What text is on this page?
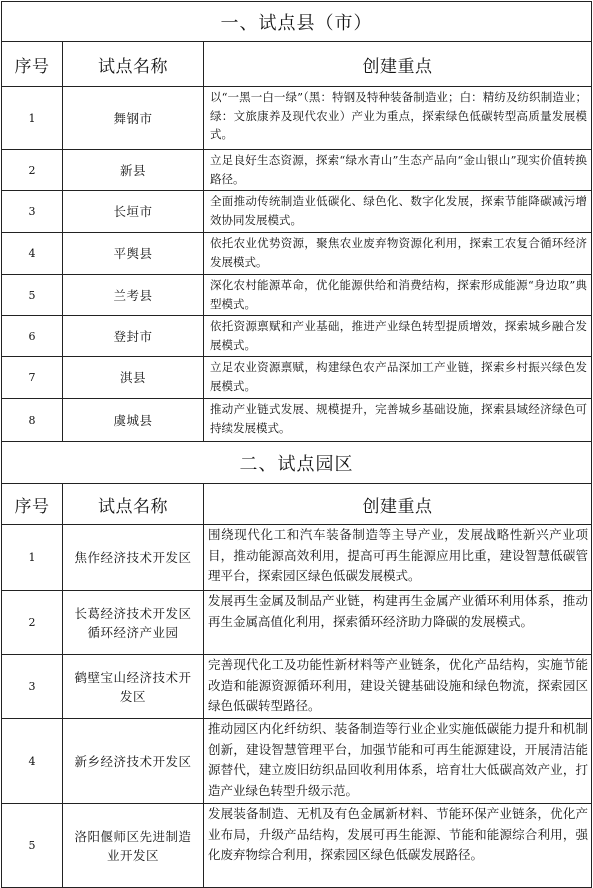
一、试点县（市）		
序号	试点名称	创建重点
1	舞钢市	以“一黑一白一绿”（黑：特钢及特种装备制造业；白：精纺及纺织制造业；绿：文旅康养及现代农业）产业为重点，探索绿色低碳转型高质量发展模式。
2	新县	立足良好生态资源，探索“绿水青山”生态产品向“金山银山”现实价值转换路径。
3	长垣市	全面推动传统制造业低碳化、绿色化、数字化发展，探索节能降碳减污增效协同发展模式。
4	平舆县	依托农业优势资源，聚焦农业废弃物资源化利用，探索工农复合循环经济发展模式。
5	兰考县	深化农村能源革命，优化能源供给和消费结构，探索形成能源“身边取”典型模式。
6	登封市	依托资源禀赋和产业基础，推进产业绿色转型提质增效，探索城乡融合发展模式。
7	淇县	立足农业资源禀赋，构建绿色农产品深加工产业链，探索乡村振兴绿色发展模式。
8	虞城县	推动产业链式发展、规模提升，完善城乡基础设施，探索县域经济绿色可持续发展模式。
二、试点园区		
序号	试点名称	创建重点
1	焦作经济技术开发区	围绕现代化工和汽车装备制造等主导产业，发展战略性新兴产业项目，推动能源高效利用，提高可再生能源应用比重，建设智慧低碳管理平台，探索园区绿色低碳发展模式。
2	长葛经济技术开发区循环经济产业园	发展再生金属及制品产业链，构建再生金属产业循环利用体系，推动再生金属高值化利用，探索循环经济助力降碳的发展模式。
3	鹤壁宝山经济技术开发区	完善现代化工及功能性新材料等产业链条，优化产品结构，实施节能改造和能源资源循环利用，建设关键基础设施和绿色物流，探索园区绿色低碳转型路径。
4	新乡经济技术开发区	推动园区内化纤纺织、装备制造等行业企业实施低碳能力提升和机制创新，建设智慧管理平台，加强节能和可再生能源建设，开展清洁能源替代，建立废旧纺织品回收利用体系，培育壮大低碳高效产业，打造产业绿色转型升级示范。
5	洛阳偃师区先进制造业开发区	发展装备制造、无机及有色金属新材料、节能环保产业链条，优化产业布局，升级产品结构，发展可再生能源、节能和能源综合利用，强化废弃物综合利用，探索园区绿色低碳发展路径。
